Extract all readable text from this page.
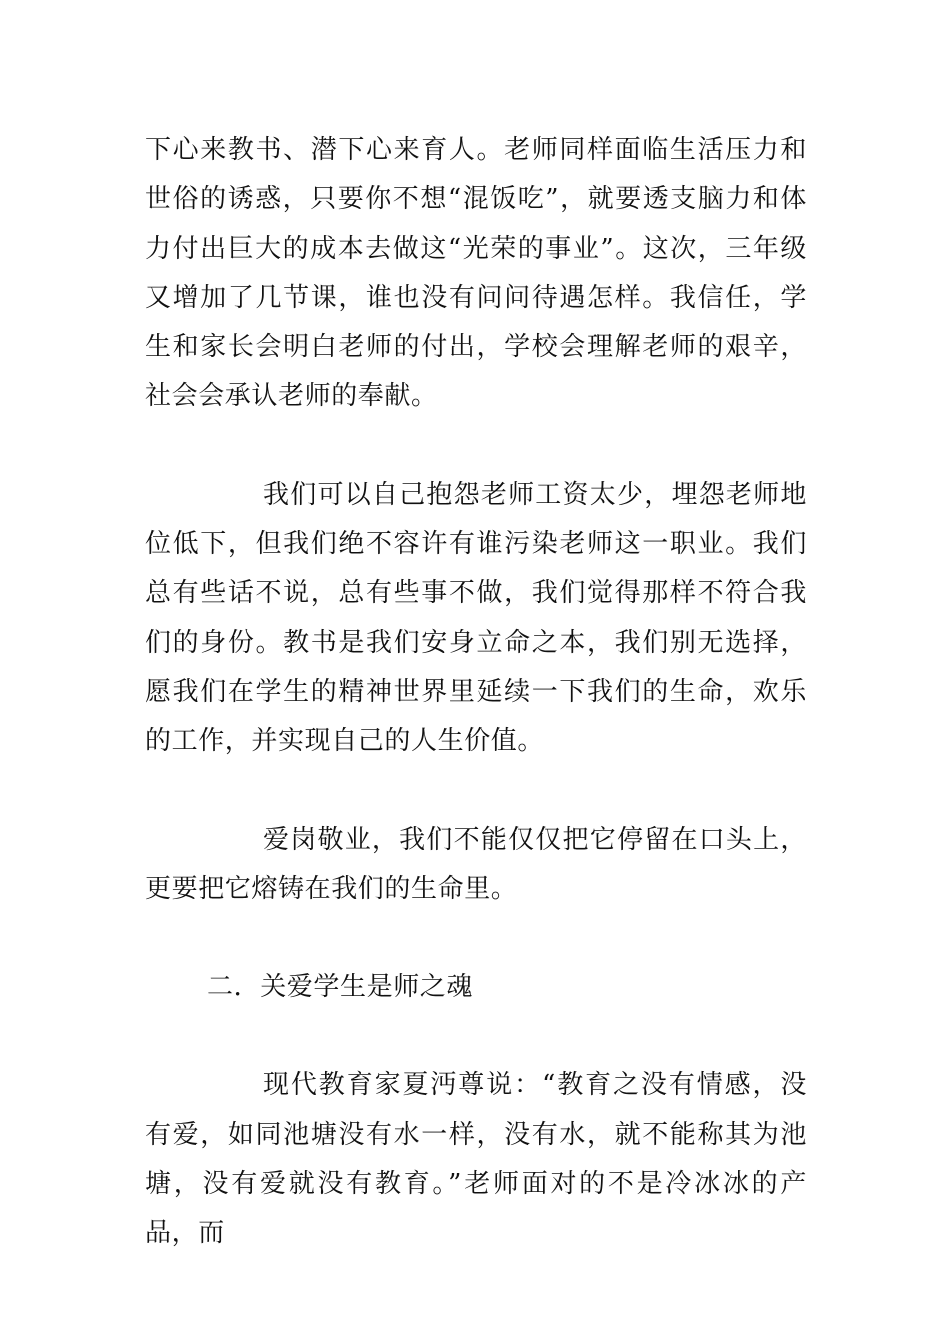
下心来教书、潜下心来育人。老师同样面临生活压力和世俗的诱惑，只要你不想“混饭吃”，就要透支脑力和体力付出巨大的成本去做这“光荣的事业”。这次，三年级又增加了几节课，谁也没有问问待遇怎样。我信任，学生和家长会明白老师的付出，学校会理解老师的艰辛，社会会承认老师的奉献。

我们可以自己抱怨老师工资太少，埋怨老师地位低下，但我们绝不容许有谁污染老师这一职业。我们总有些话不说，总有些事不做，我们觉得那样不符合我们的身份。教书是我们安身立命之本，我们别无选择，愿我们在学生的精神世界里延续一下我们的生命，欢乐的工作，并实现自己的人生价值。

爱岗敬业，我们不能仅仅把它停留在口头上，更要把它熔铸在我们的生命里。

二．关爱学生是师之魂

现代教育家夏沔尊说：“教育之没有情感，没有爱，如同池塘没有水一样，没有水，就不能称其为池塘，没有爱就没有教育。”老师面对的不是冷冰冰的产品，而
